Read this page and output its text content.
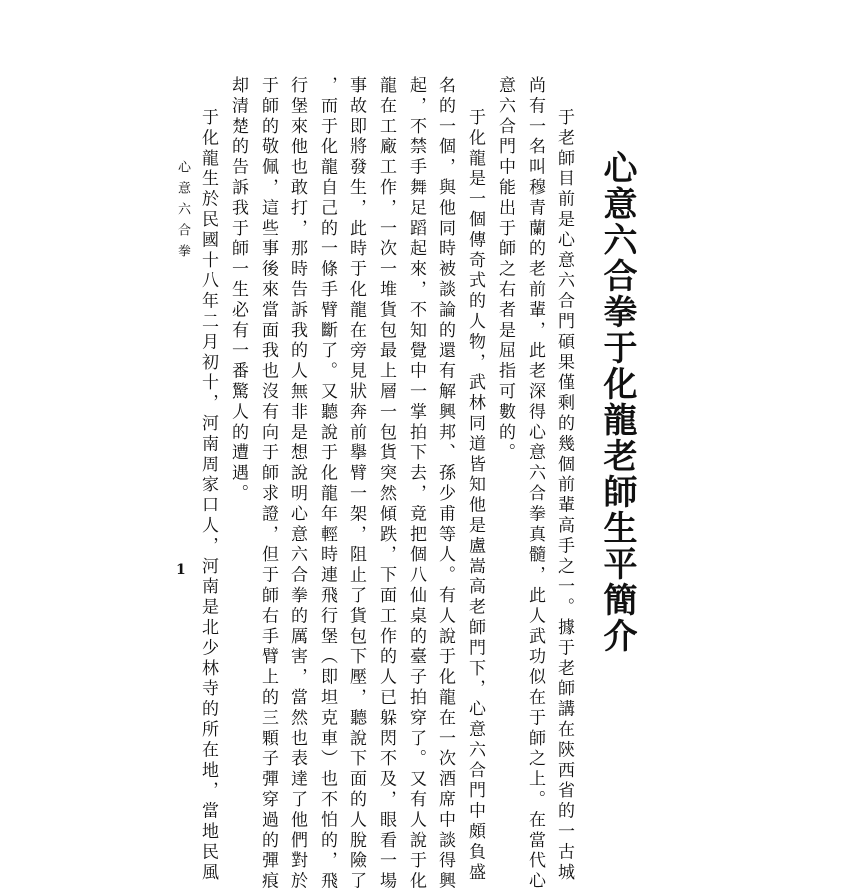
心意六合拳于化龍老師生平簡介
于老師目前是心意六合門碩果僅剩的幾個前輩高手之一。據于老師講在陝西省的一古城
尚有一名叫穆青蘭的老前輩，此老深得心意六合拳真髓，此人武功似在于師之上。在當代心
意六合門中能出于師之右者是屈指可數的。
于化龍是一個傳奇式的人物，武林同道皆知他是盧嵩高老師門下，心意六合門中頗負盛
名的一個，與他同時被談論的還有解興邦、孫少甫等人。有人說于化龍在一次酒席中談得興
起，不禁手舞足蹈起來，不知覺中一掌拍下去，竟把個八仙桌的臺子拍穿了。又有人說于化
龍在工廠工作，一次一堆貨包最上層一包貨突然傾跌，下面工作的人已躲閃不及，眼看一場
事故即將發生，此時于化龍在旁見狀奔前擧臂一架，阻止了貨包下壓，聽說下面的人脫險了
，而于化龍自己的一條手臂斷了。又聽說于化龍年輕時連飛行堡（即坦克車）也不怕的，飛
行堡來他也敢打，那時告訴我的人無非是想說明心意六合拳的厲害，當然也表達了他們對於
于師的敬佩，這些事後來當面我也沒有向于師求證，但于師右手臂上的三顆子彈穿過的彈痕
却清楚的告訴我于師一生必有一番驚人的遭遇。
于化龍生於民國十八年二月初十，河南周家口人，河南是北少林寺的所在地，當地民風
心意六合拳
1
